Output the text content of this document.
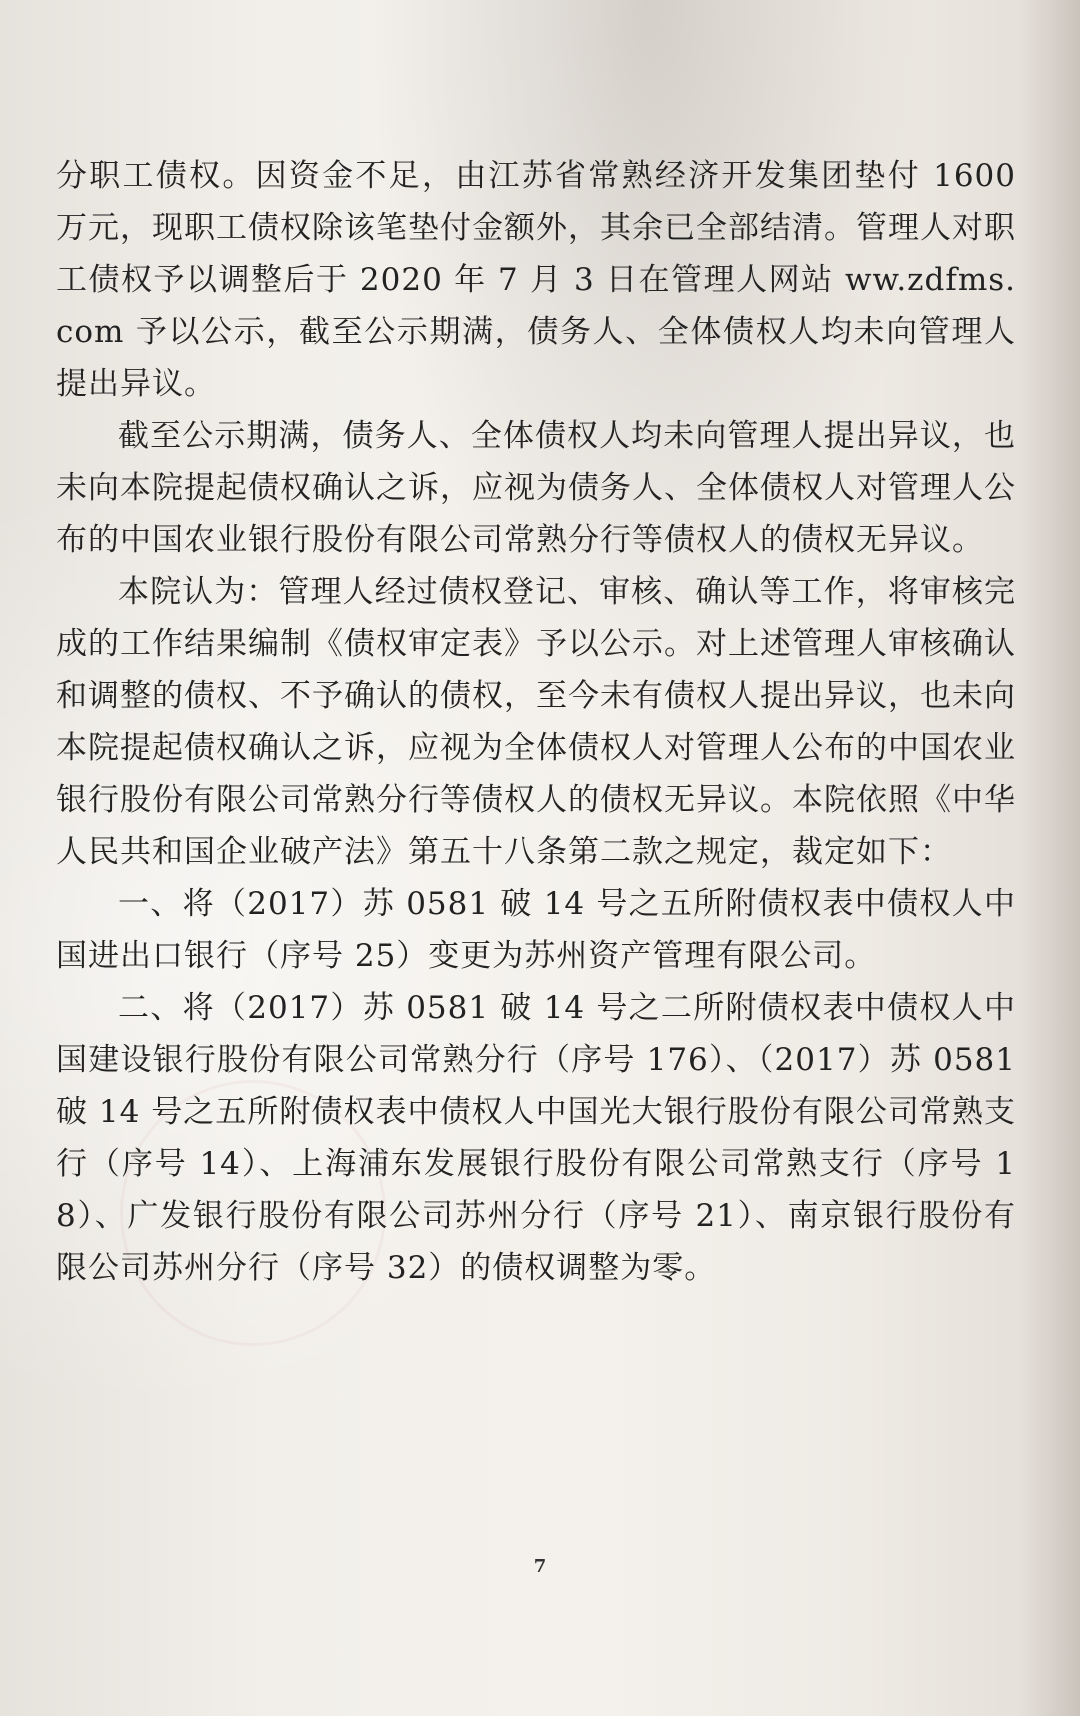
分职工债权。因资金不足，由江苏省常熟经济开发集团垫付 1600 万元，现职工债权除该笔垫付金额外，其余已全部结清。管理人对职工债权予以调整后于 2020 年 7 月 3 日在管理人网站 ww.zdfms.com 予以公示，截至公示期满，债务人、全体债权人均未向管理人提出异议。

截至公示期满，债务人、全体债权人均未向管理人提出异议，也未向本院提起债权确认之诉，应视为债务人、全体债权人对管理人公布的中国农业银行股份有限公司常熟分行等债权人的债权无异议。

本院认为：管理人经过债权登记、审核、确认等工作，将审核完成的工作结果编制《债权审定表》予以公示。对上述管理人审核确认和调整的债权、不予确认的债权，至今未有债权人提出异议，也未向本院提起债权确认之诉，应视为全体债权人对管理人公布的中国农业银行股份有限公司常熟分行等债权人的债权无异议。本院依照《中华人民共和国企业破产法》第五十八条第二款之规定，裁定如下：

一、将（2017）苏 0581 破 14 号之五所附债权表中债权人中国进出口银行（序号 25）变更为苏州资产管理有限公司。

二、将（2017）苏 0581 破 14 号之二所附债权表中债权人中国建设银行股份有限公司常熟分行（序号 176）、（2017）苏 0581 破 14 号之五所附债权表中债权人中国光大银行股份有限公司常熟支行（序号 14）、上海浦东发展银行股份有限公司常熟支行（序号 18）、广发银行股份有限公司苏州分行（序号 21）、南京银行股份有限公司苏州分行（序号 32）的债权调整为零。

7
